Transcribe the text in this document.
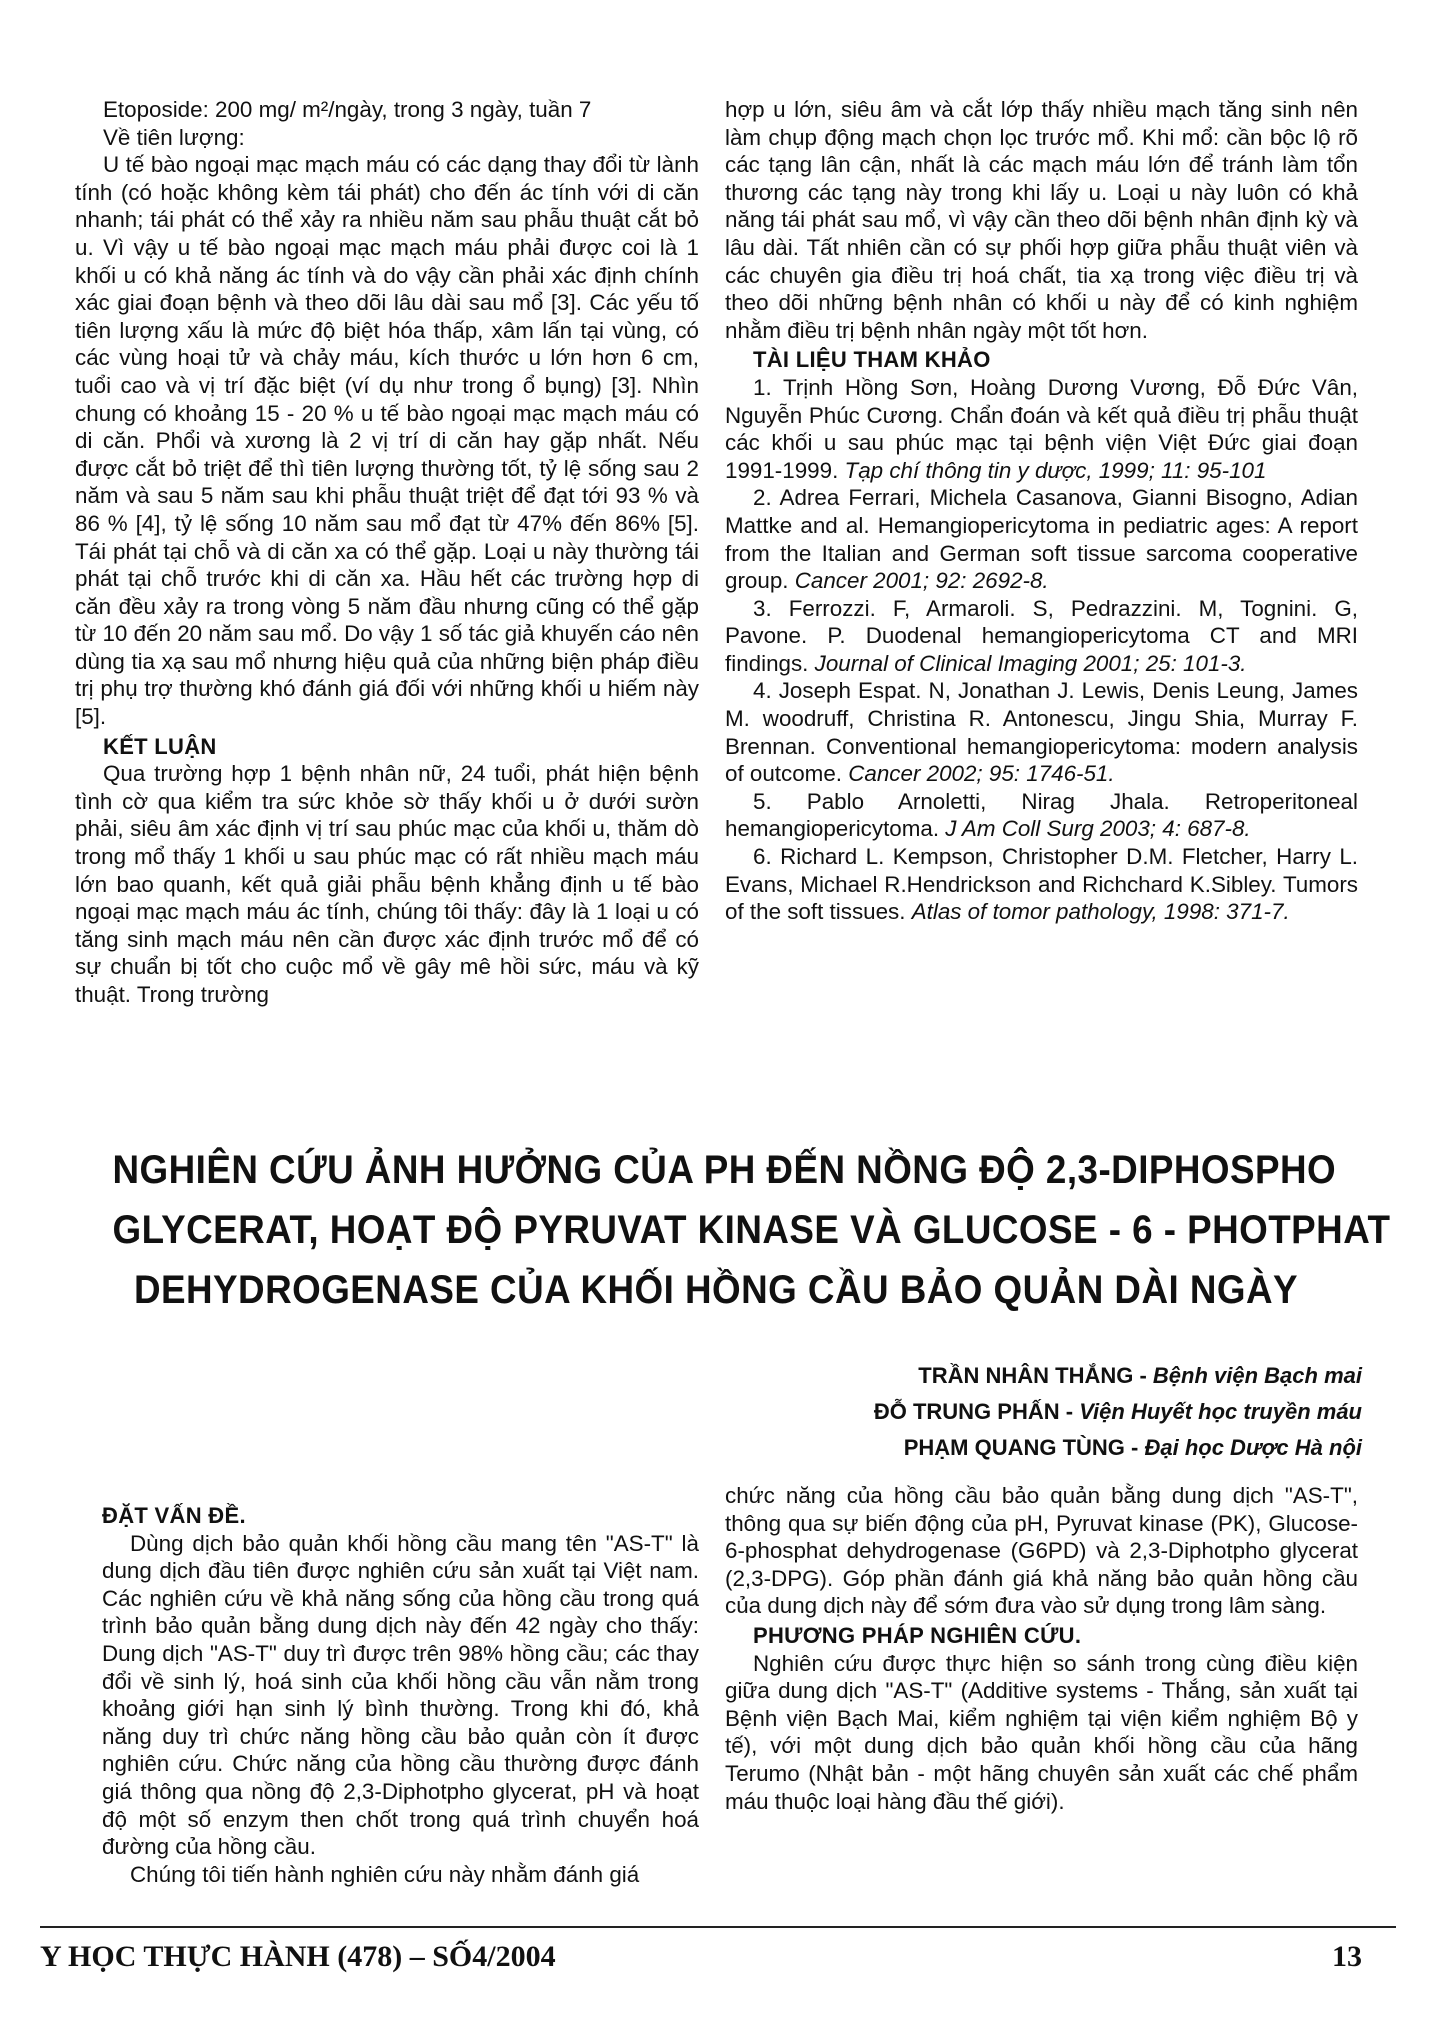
Etoposide: 200 mg/ m²/ngày, trong 3 ngày, tuần 7

Về tiên lượng:

U tế bào ngoại mạc mạch máu có các dạng thay đổi từ lành tính (có hoặc không kèm tái phát) cho đến ác tính với di căn nhanh; tái phát có thể xảy ra nhiều năm sau phẫu thuật cắt bỏ u. Vì vậy u tế bào ngoại mạc mạch máu phải được coi là 1 khối u có khả năng ác tính và do vậy cần phải xác định chính xác giai đoạn bệnh và theo dõi lâu dài sau mổ [3]. Các yếu tố tiên lượng xấu là mức độ biệt hóa thấp, xâm lấn tại vùng, có các vùng hoại tử và chảy máu, kích thước u lớn hơn 6 cm, tuổi cao và vị trí đặc biệt (ví dụ như trong ổ bụng) [3]. Nhìn chung có khoảng 15 - 20 % u tế bào ngoại mạc mạch máu có di căn. Phổi và xương là 2 vị trí di căn hay gặp nhất. Nếu được cắt bỏ triệt để thì tiên lượng thường tốt, tỷ lệ sống sau 2 năm và sau 5 năm sau khi phẫu thuật triệt để đạt tới 93 % và 86 % [4], tỷ lệ sống 10 năm sau mổ đạt từ 47% đến 86% [5]. Tái phát tại chỗ và di căn xa có thể gặp. Loại u này thường tái phát tại chỗ trước khi di căn xa. Hầu hết các trường hợp di căn đều xảy ra trong vòng 5 năm đầu nhưng cũng có thể gặp từ 10 đến 20 năm sau mổ. Do vậy 1 số tác giả khuyến cáo nên dùng tia xạ sau mổ nhưng hiệu quả của những biện pháp điều trị phụ trợ thường khó đánh giá đối với những khối u hiếm này [5].

KẾT LUẬN

Qua trường hợp 1 bệnh nhân nữ, 24 tuổi, phát hiện bệnh tình cờ qua kiểm tra sức khỏe sờ thấy khối u ở dưới sườn phải, siêu âm xác định vị trí sau phúc mạc của khối u, thăm dò trong mổ thấy 1 khối u sau phúc mạc có rất nhiều mạch máu lớn bao quanh, kết quả giải phẫu bệnh khẳng định u tế bào ngoại mạc mạch máu ác tính, chúng tôi thấy: đây là 1 loại u có tăng sinh mạch máu nên cần được xác định trước mổ để có sự chuẩn bị tốt cho cuộc mổ về gây mê hồi sức, máu và kỹ thuật. Trong trường

hợp u lớn, siêu âm và cắt lớp thấy nhiều mạch tăng sinh nên làm chụp động mạch chọn lọc trước mổ. Khi mổ: cần bộc lộ rõ các tạng lân cận, nhất là các mạch máu lớn để tránh làm tổn thương các tạng này trong khi lấy u. Loại u này luôn có khả năng tái phát sau mổ, vì vậy cần theo dõi bệnh nhân định kỳ và lâu dài. Tất nhiên cần có sự phối hợp giữa phẫu thuật viên và các chuyên gia điều trị hoá chất, tia xạ trong việc điều trị và theo dõi những bệnh nhân có khối u này để có kinh nghiệm nhằm điều trị bệnh nhân ngày một tốt hơn.

TÀI LIỆU THAM KHẢO

1. Trịnh Hồng Sơn, Hoàng Dương Vương, Đỗ Đức Vân, Nguyễn Phúc Cương. Chẩn đoán và kết quả điều trị phẫu thuật các khối u sau phúc mạc tại bệnh viện Việt Đức giai đoạn 1991-1999. Tạp chí thông tin y dược, 1999; 11: 95-101

2. Adrea Ferrari, Michela Casanova, Gianni Bisogno, Adian Mattke and al. Hemangiopericytoma in pediatric ages: A report from the Italian and German soft tissue sarcoma cooperative group. Cancer 2001; 92: 2692-8.

3. Ferrozzi. F, Armaroli. S, Pedrazzini. M, Tognini. G, Pavone. P. Duodenal hemangiopericytoma CT and MRI findings. Journal of Clinical Imaging 2001; 25: 101-3.

4. Joseph Espat. N, Jonathan J. Lewis, Denis Leung, James M. woodruff, Christina R. Antonescu, Jingu Shia, Murray F. Brennan. Conventional hemangiopericytoma: modern analysis of outcome. Cancer 2002; 95: 1746-51.

5. Pablo Arnoletti, Nirag Jhala. Retroperitoneal hemangiopericytoma. J Am Coll Surg 2003; 4: 687-8.

6. Richard L. Kempson, Christopher D.M. Fletcher, Harry L. Evans, Michael R.Hendrickson and Richchard K.Sibley. Tumors of the soft tissues. Atlas of tomor pathology, 1998: 371-7.

NGHIÊN CỨU ẢNH HƯỞNG CỦA PH ĐẾN NỒNG ĐỘ 2,3-DIPHOSPHO
GLYCERAT, HOẠT ĐỘ PYRUVAT KINASE VÀ GLUCOSE - 6 - PHOTPHAT
DEHYDROGENASE CỦA KHỐI HỒNG CẦU BẢO QUẢN DÀI NGÀY
TRẦN NHÂN THẮNG - Bệnh viện Bạch mai
ĐỖ TRUNG PHẤN - Viện Huyết học truyền máu
PHẠM QUANG TÙNG - Đại học Dược Hà nội
ĐẶT VẤN ĐỀ.

Dùng dịch bảo quản khối hồng cầu mang tên "AS-T" là dung dịch đầu tiên được nghiên cứu sản xuất tại Việt nam. Các nghiên cứu về khả năng sống của hồng cầu trong quá trình bảo quản bằng dung dịch này đến 42 ngày cho thấy: Dung dịch "AS-T" duy trì được trên 98% hồng cầu; các thay đổi về sinh lý, hoá sinh của khối hồng cầu vẫn nằm trong khoảng giới hạn sinh lý bình thường. Trong khi đó, khả năng duy trì chức năng hồng cầu bảo quản còn ít được nghiên cứu. Chức năng của hồng cầu thường được đánh giá thông qua nồng độ 2,3-Diphotpho glycerat, pH và hoạt độ một số enzym then chốt trong quá trình chuyển hoá đường của hồng cầu.

Chúng tôi tiến hành nghiên cứu này nhằm đánh giá

chức năng của hồng cầu bảo quản bằng dung dịch "AS-T", thông qua sự biến động của pH, Pyruvat kinase (PK), Glucose-6-phosphat dehydrogenase (G6PD) và 2,3-Diphotpho glycerat (2,3-DPG). Góp phần đánh giá khả năng bảo quản hồng cầu của dung dịch này để sớm đưa vào sử dụng trong lâm sàng.

PHƯƠNG PHÁP NGHIÊN CỨU.

Nghiên cứu được thực hiện so sánh trong cùng điều kiện giữa dung dịch "AS-T" (Additive systems - Thắng, sản xuất tại Bệnh viện Bạch Mai, kiểm nghiệm tại viện kiểm nghiệm Bộ y tế), với một dung dịch bảo quản khối hồng cầu của hãng Terumo (Nhật bản - một hãng chuyên sản xuất các chế phẩm máu thuộc loại hàng đầu thế giới).

Y HỌC THỰC HÀNH (478) – SỐ4/2004	13
